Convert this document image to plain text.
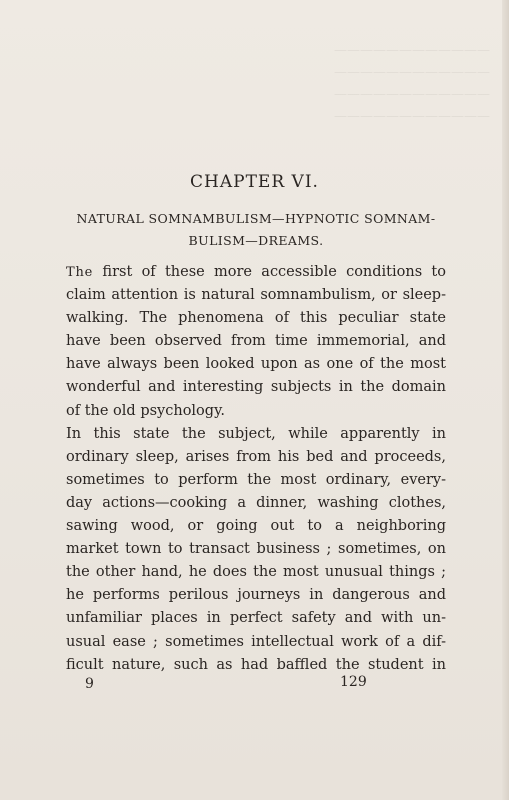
————————————
————————————
————————————
————————————
CHAPTER VI.
NATURAL SOMNAMBULISM—HYPNOTIC SOMNAM-
BULISM—DREAMS.
The first of these more accessible conditions to
claim attention is natural somnambulism, or sleep-
walking. The phenomena of this peculiar state
have been observed from time immemorial, and
have always been looked upon as one of the most
wonderful and interesting subjects in the domain
of the old psychology.
In this state the subject, while apparently in
ordinary sleep, arises from his bed and proceeds,
sometimes to perform the most ordinary, every-
day actions—cooking a dinner, washing clothes,
sawing wood, or going out to a neighboring
market town to transact business ; sometimes, on
the other hand, he does the most unusual things ;
he performs perilous journeys in dangerous and
unfamiliar places in perfect safety and with un-
usual ease ; sometimes intellectual work of a dif-
ficult nature, such as had baffled the student in
9	129
